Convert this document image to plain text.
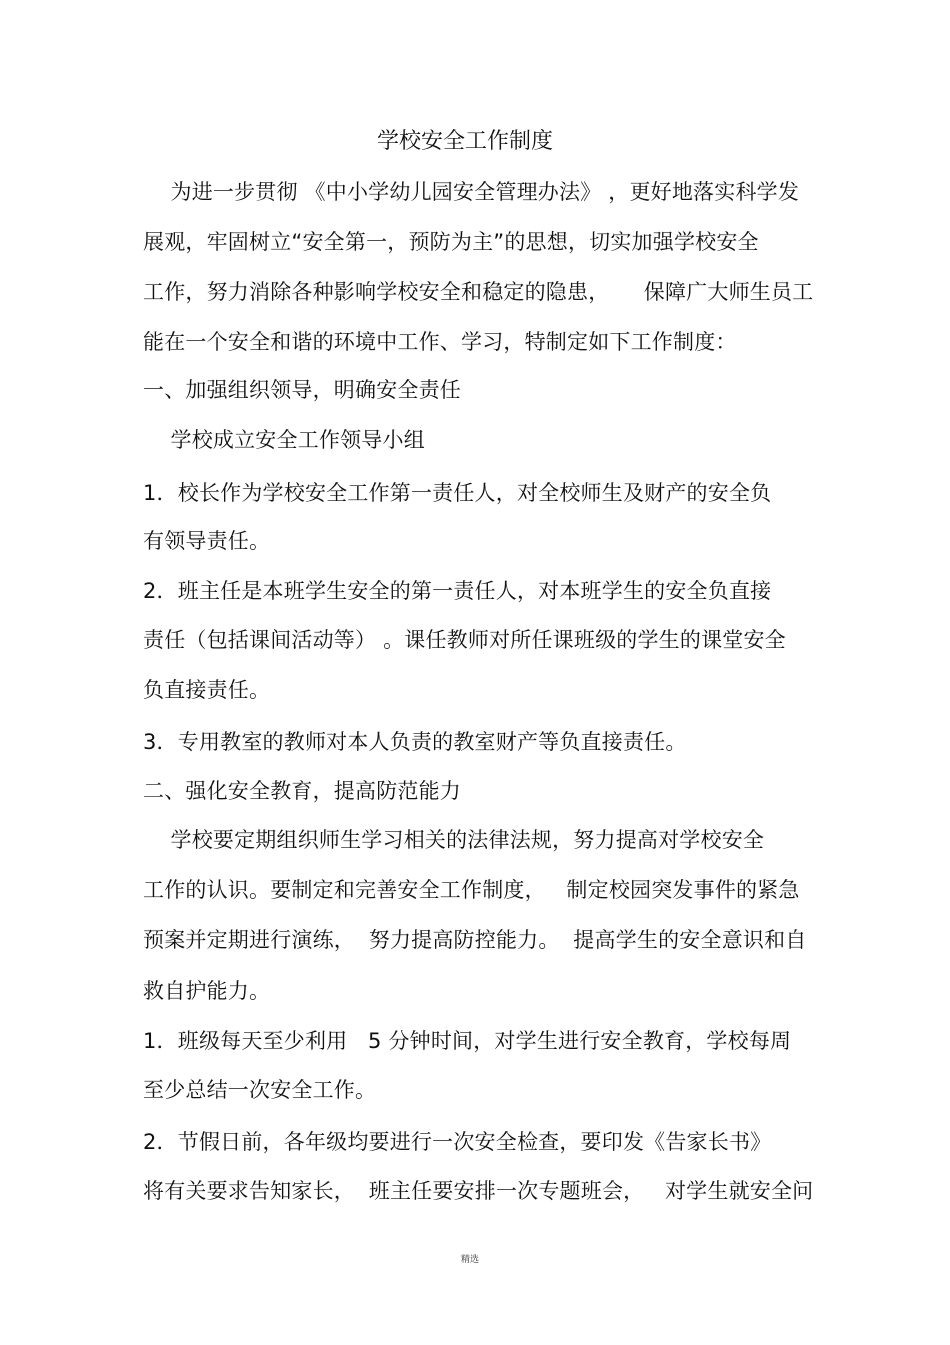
学校安全工作制度
为进一步贯彻 《中小学幼儿园安全管理办法》 ，更好地落实科学发
展观，牢固树立“安全第一，预防为主”的思想，切实加强学校安全
工作，努力消除各种影响学校安全和稳定的隐患，     保障广大师生员工
能在一个安全和谐的环境中工作、学习，特制定如下工作制度：
一、加强组织领导，明确安全责任
学校成立安全工作领导小组
1．校长作为学校安全工作第一责任人，对全校师生及财产的安全负
有领导责任。
2．班主任是本班学生安全的第一责任人，对本班学生的安全负直接
责任（包括课间活动等） 。课任教师对所任课班级的学生的课堂安全
负直接责任。
3．专用教室的教师对本人负责的教室财产等负直接责任。
二、强化安全教育，提高防范能力
学校要定期组织师生学习相关的法律法规，努力提高对学校安全
工作的认识。要制定和完善安全工作制度，   制定校园突发事件的紧急
预案并定期进行演练，  努力提高防控能力。  提高学生的安全意识和自
救自护能力。
1．班级每天至少利用   5 分钟时间，对学生进行安全教育，学校每周
至少总结一次安全工作。
2．节假日前，各年级均要进行一次安全检查，要印发《告家长书》
将有关要求告知家长，  班主任要安排一次专题班会，   对学生就安全问
精选
